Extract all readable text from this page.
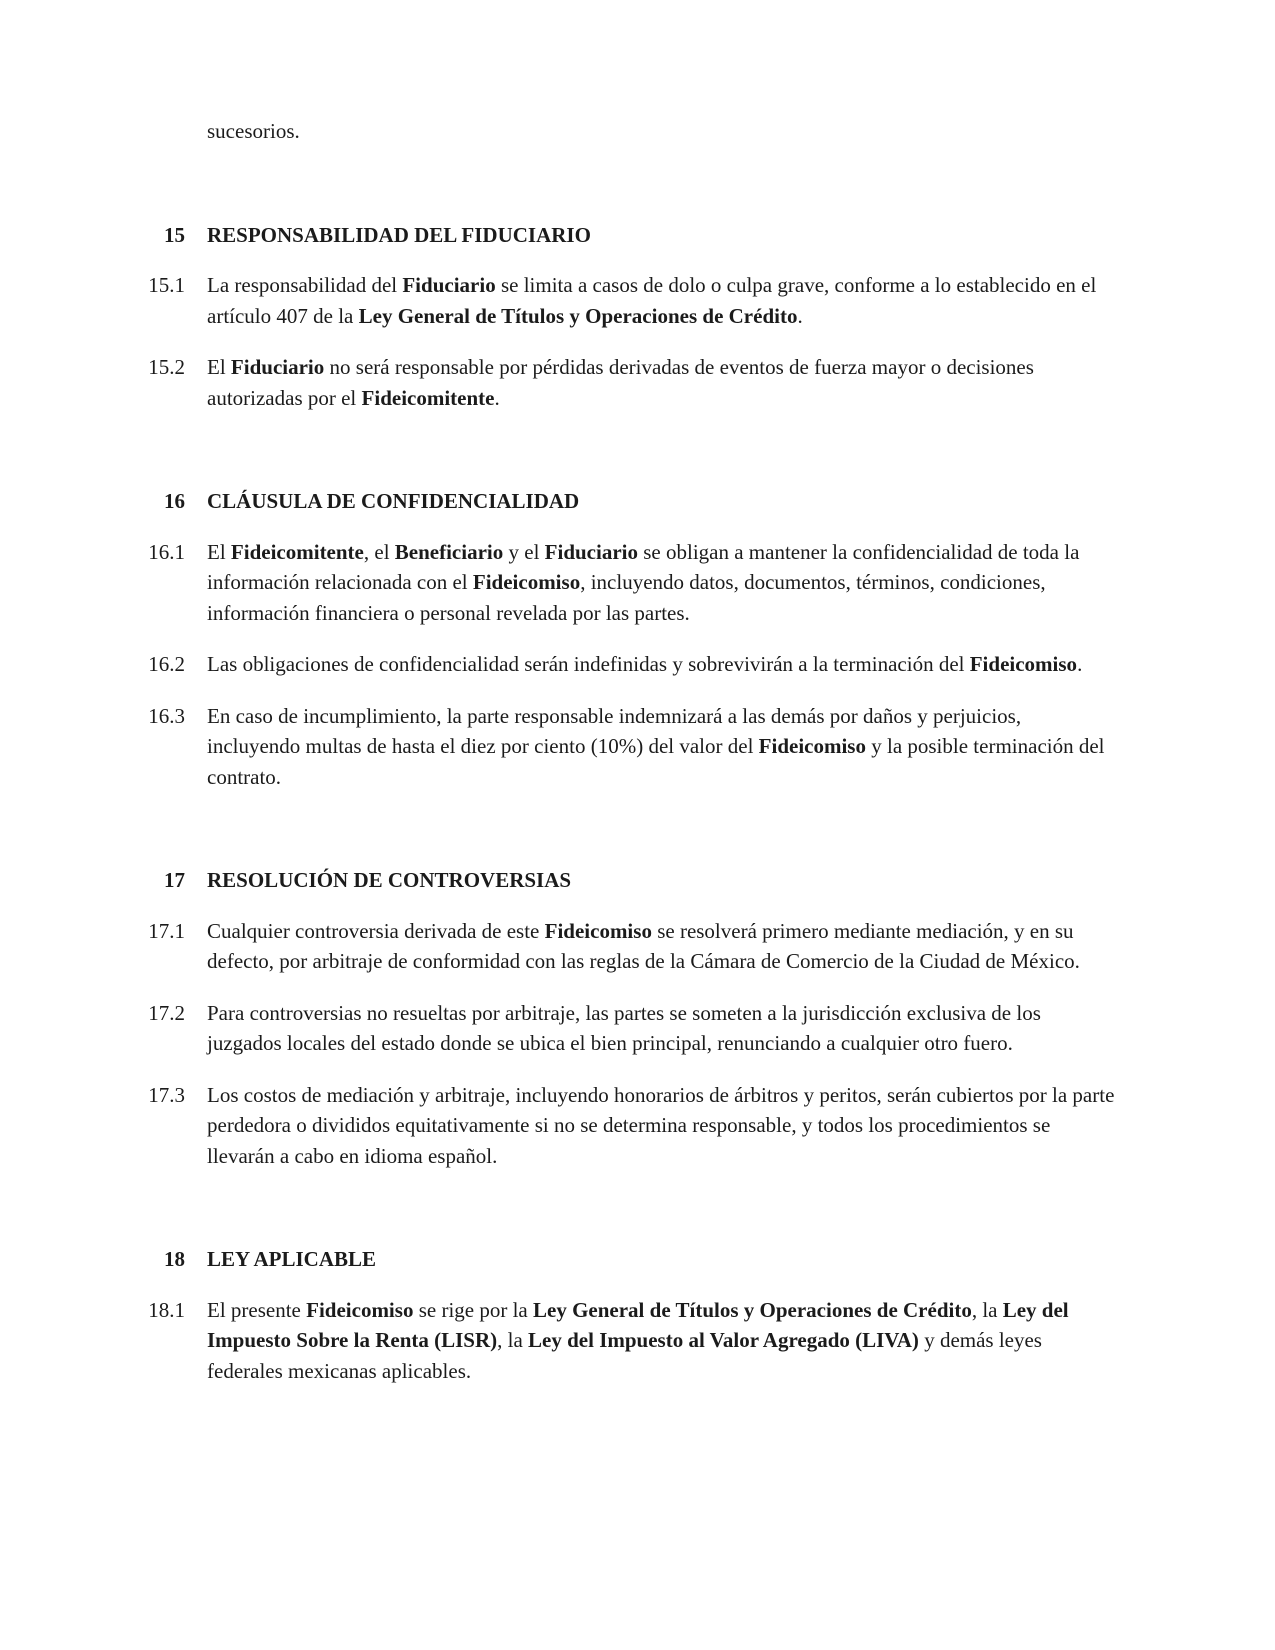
sucesorios.
15 RESPONSABILIDAD DEL FIDUCIARIO
15.1 La responsabilidad del Fiduciario se limita a casos de dolo o culpa grave, conforme a lo establecido en el artículo 407 de la Ley General de Títulos y Operaciones de Crédito.
15.2 El Fiduciario no será responsable por pérdidas derivadas de eventos de fuerza mayor o decisiones autorizadas por el Fideicomitente.
16 CLÁUSULA DE CONFIDENCIALIDAD
16.1 El Fideicomitente, el Beneficiario y el Fiduciario se obligan a mantener la confidencialidad de toda la información relacionada con el Fideicomiso, incluyendo datos, documentos, términos, condiciones, información financiera o personal revelada por las partes.
16.2 Las obligaciones de confidencialidad serán indefinidas y sobrevivirán a la terminación del Fideicomiso.
16.3 En caso de incumplimiento, la parte responsable indemnizará a las demás por daños y perjuicios, incluyendo multas de hasta el diez por ciento (10%) del valor del Fideicomiso y la posible terminación del contrato.
17 RESOLUCIÓN DE CONTROVERSIAS
17.1 Cualquier controversia derivada de este Fideicomiso se resolverá primero mediante mediación, y en su defecto, por arbitraje de conformidad con las reglas de la Cámara de Comercio de la Ciudad de México.
17.2 Para controversias no resueltas por arbitraje, las partes se someten a la jurisdicción exclusiva de los juzgados locales del estado donde se ubica el bien principal, renunciando a cualquier otro fuero.
17.3 Los costos de mediación y arbitraje, incluyendo honorarios de árbitros y peritos, serán cubiertos por la parte perdedora o divididos equitativamente si no se determina responsable, y todos los procedimientos se llevarán a cabo en idioma español.
18 LEY APLICABLE
18.1 El presente Fideicomiso se rige por la Ley General de Títulos y Operaciones de Crédito, la Ley del Impuesto Sobre la Renta (LISR), la Ley del Impuesto al Valor Agregado (LIVA) y demás leyes federales mexicanas aplicables.
